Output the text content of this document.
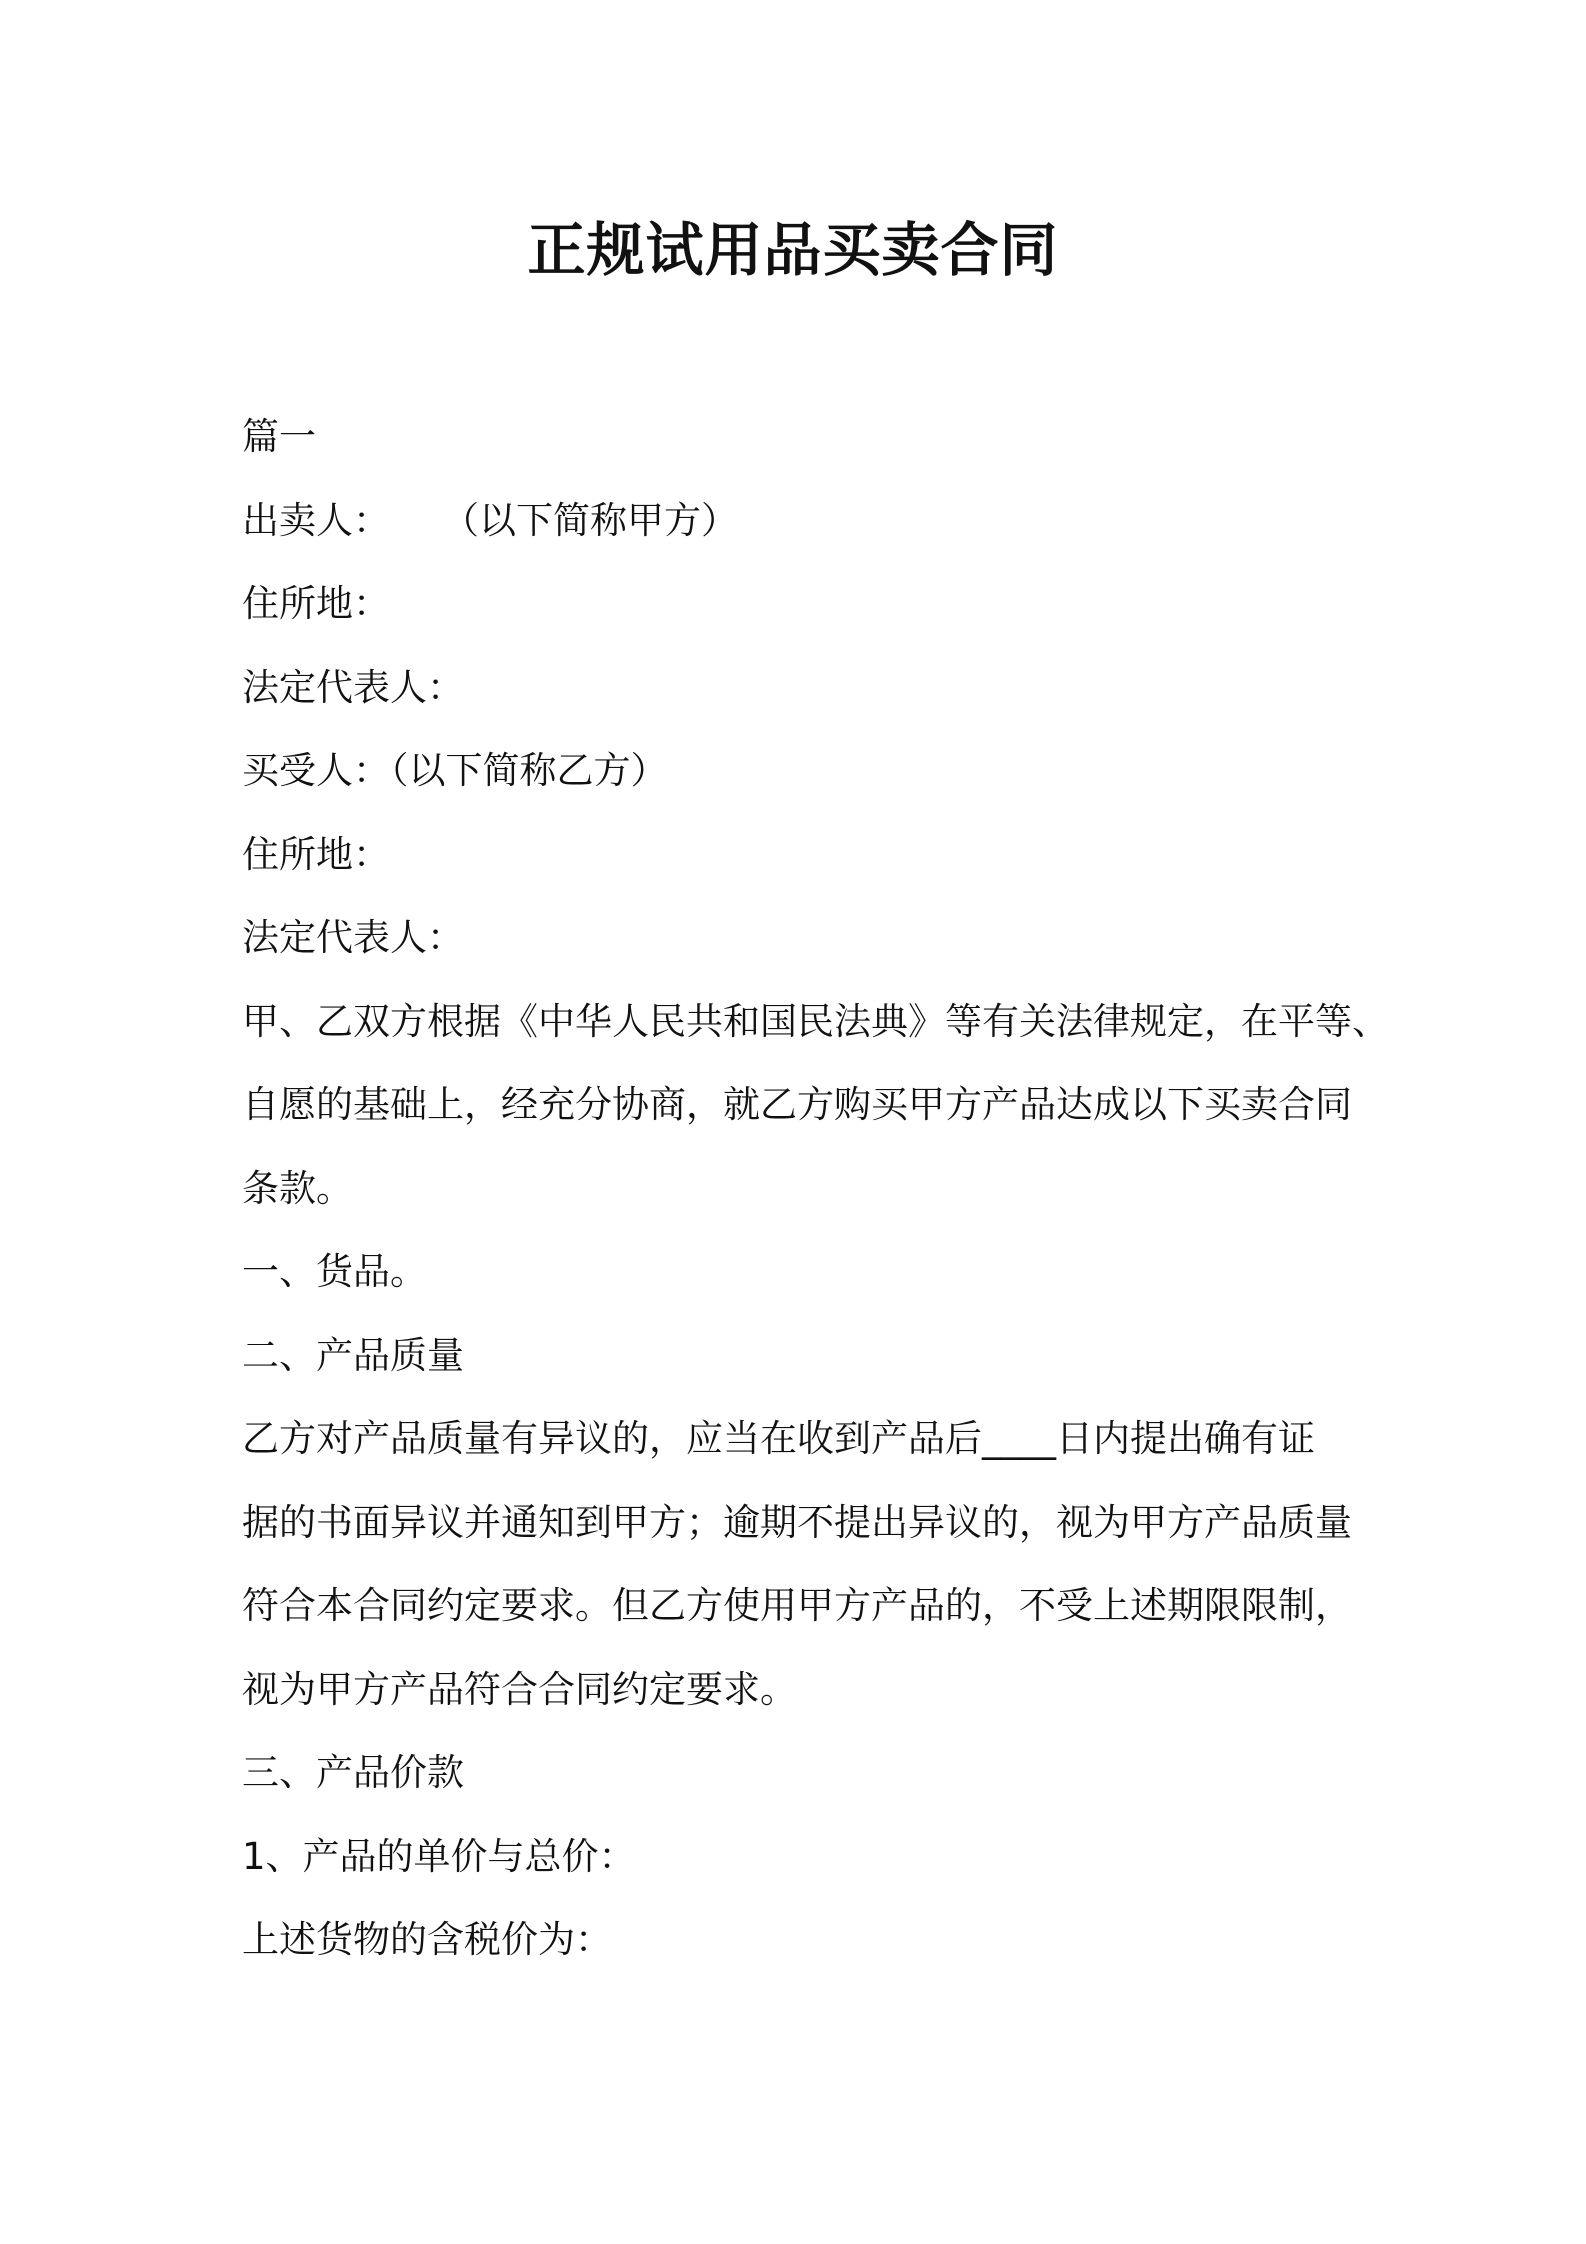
正规试用品买卖合同

篇一

出卖人： （以下简称甲方）

住所地：

法定代表人：

买受人：（以下简称乙方）

住所地：

法定代表人：

甲、乙双方根据《中华人民共和国民法典》等有关法律规定，在平等、

自愿的基础上，经充分协商，就乙方购买甲方产品达成以下买卖合同

条款。

一、货品。

二、产品质量

乙方对产品质量有异议的，应当在收到产品后____日内提出确有证

据的书面异议并通知到甲方；逾期不提出异议的，视为甲方产品质量

符合本合同约定要求。但乙方使用甲方产品的，不受上述期限限制，

视为甲方产品符合合同约定要求。

三、产品价款

1、产品的单价与总价：

上述货物的含税价为：
